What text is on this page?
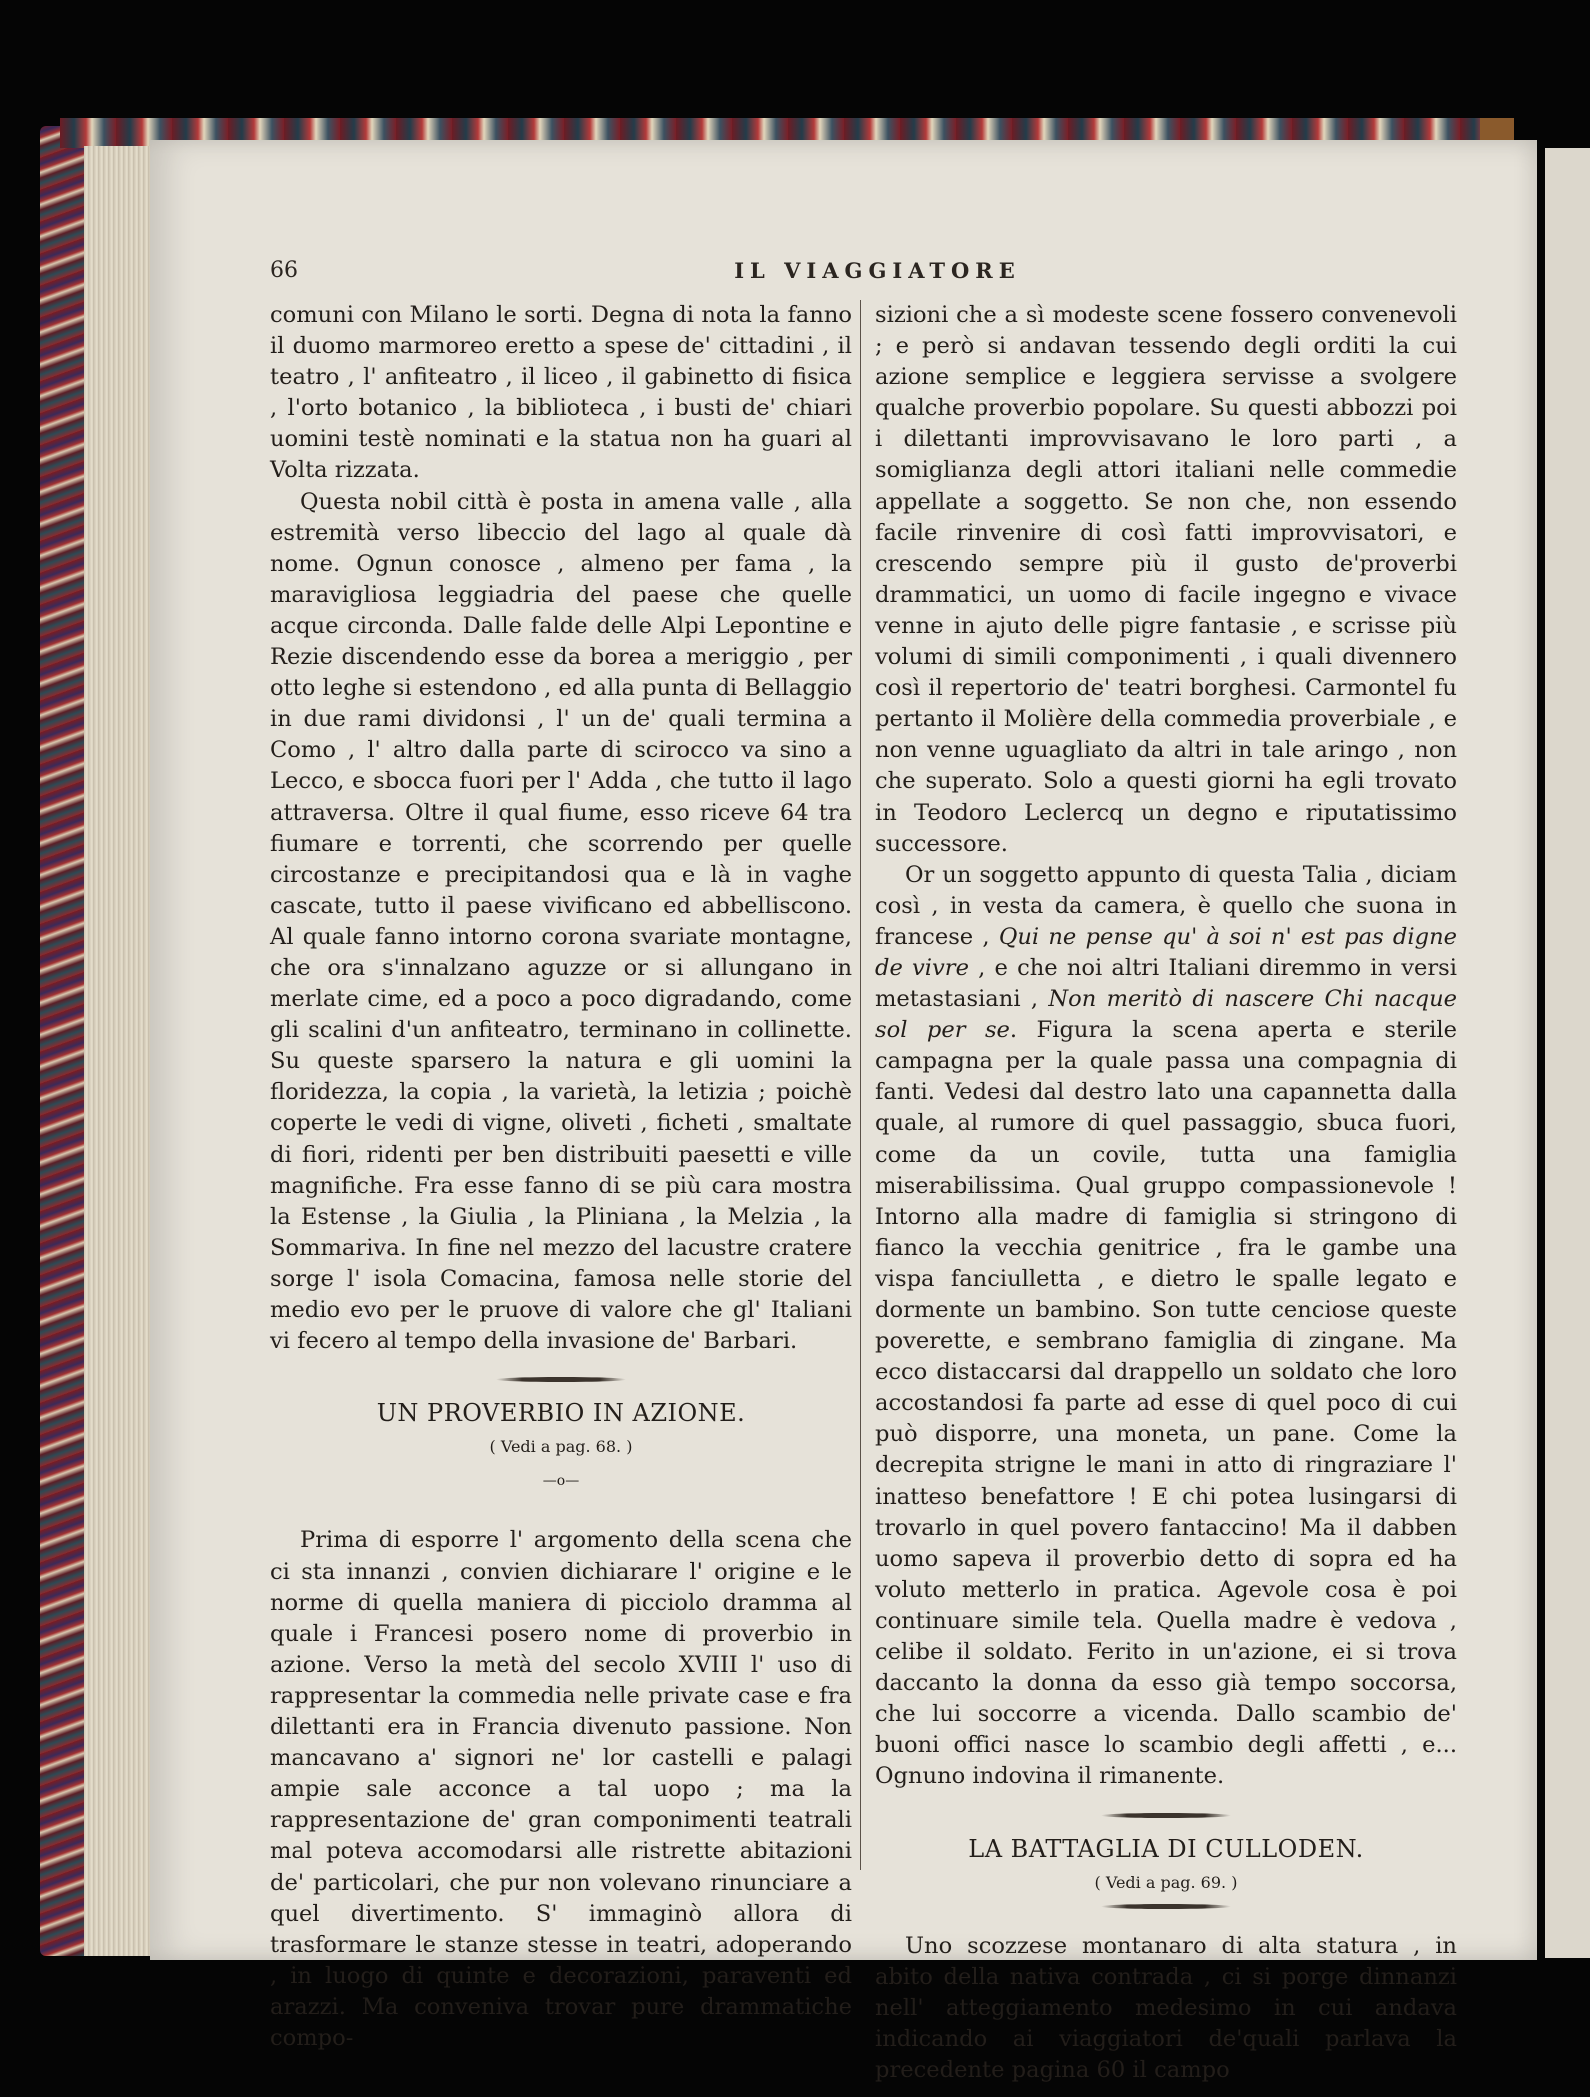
66	IL VIAGGIATORE

comuni con Milano le sorti. Degna di nota la fanno il duomo marmoreo eretto a spese de' cittadini , il teatro , l' anfiteatro , il liceo , il gabinetto di fisica , l'orto botanico , la biblioteca , i busti de' chiari uomini testè nominati e la statua non ha guari al Volta rizzata.

Questa nobil città è posta in amena valle , alla estremità verso libeccio del lago al quale dà nome. Ognun conosce , almeno per fama , la maravigliosa leggiadria del paese che quelle acque circonda. Dalle falde delle Alpi Lepontine e Rezie discendendo esse da borea a meriggio , per otto leghe si estendono , ed alla punta di Bellaggio in due rami dividonsi , l' un de' quali termina a Como , l' altro dalla parte di scirocco va sino a Lecco, e sbocca fuori per l' Adda , che tutto il lago attraversa. Oltre il qual fiume, esso riceve 64 tra fiumare e torrenti, che scorrendo per quelle circostanze e precipitandosi qua e là in vaghe cascate, tutto il paese vivificano ed abbelliscono. Al quale fanno intorno corona svariate montagne, che ora s'innalzano aguzze or si allungano in merlate cime, ed a poco a poco digradando, come gli scalini d'un anfiteatro, terminano in collinette. Su queste sparsero la natura e gli uomini la floridezza, la copia , la varietà, la letizia ; poichè coperte le vedi di vigne, oliveti , ficheti , smaltate di fiori, ridenti per ben distribuiti paesetti e ville magnifiche. Fra esse fanno di se più cara mostra la Estense , la Giulia , la Pliniana , la Melzia , la Sommariva. In fine nel mezzo del lacustre cratere sorge l' isola Comacina, famosa nelle storie del medio evo per le pruove di valore che gl' Italiani vi fecero al tempo della invasione de' Barbari.

UN PROVERBIO IN AZIONE.
( Vedi a pag. 68. )
—o—

Prima di esporre l' argomento della scena che ci sta innanzi , convien dichiarare l' origine e le norme di quella maniera di picciolo dramma al quale i Francesi posero nome di proverbio in azione. Verso la metà del secolo XVIII l' uso di rappresentar la commedia nelle private case e fra dilettanti era in Francia divenuto passione. Non mancavano a' signori ne' lor castelli e palagi ampie sale acconce a tal uopo ; ma la rappresentazione de' gran componimenti teatrali mal poteva accomodarsi alle ristrette abitazioni de' particolari, che pur non volevano rinunciare a quel divertimento. S' immaginò allora di trasformare le stanze stesse in teatri, adoperando , in luogo di quinte e decorazioni, paraventi ed arazzi. Ma conveniva trovar pure drammatiche compo-

sizioni che a sì modeste scene fossero convenevoli ; e però si andavan tessendo degli orditi la cui azione semplice e leggiera servisse a svolgere qualche proverbio popolare. Su questi abbozzi poi i dilettanti improvvisavano le loro parti , a somiglianza degli attori italiani nelle commedie appellate a soggetto. Se non che, non essendo facile rinvenire di così fatti improvvisatori, e crescendo sempre più il gusto de'proverbi drammatici, un uomo di facile ingegno e vivace venne in ajuto delle pigre fantasie , e scrisse più volumi di simili componimenti , i quali divennero così il repertorio de' teatri borghesi. Carmontel fu pertanto il Molière della commedia proverbiale , e non venne uguagliato da altri in tale aringo , non che superato. Solo a questi giorni ha egli trovato in Teodoro Leclercq un degno e riputatissimo successore.

Or un soggetto appunto di questa Talia , diciam così , in vesta da camera, è quello che suona in francese , Qui ne pense qu' à soi n' est pas digne de vivre , e che noi altri Italiani diremmo in versi metastasiani , Non meritò di nascere Chi nacque sol per se. Figura la scena aperta e sterile campagna per la quale passa una compagnia di fanti. Vedesi dal destro lato una capannetta dalla quale, al rumore di quel passaggio, sbuca fuori, come da un covile, tutta una famiglia miserabilissima. Qual gruppo compassionevole ! Intorno alla madre di famiglia si stringono di fianco la vecchia genitrice , fra le gambe una vispa fanciulletta , e dietro le spalle legato e dormente un bambino. Son tutte cenciose queste poverette, e sembrano famiglia di zingane. Ma ecco distaccarsi dal drappello un soldato che loro accostandosi fa parte ad esse di quel poco di cui può disporre, una moneta, un pane. Come la decrepita strigne le mani in atto di ringraziare l' inatteso benefattore ! E chi potea lusingarsi di trovarlo in quel povero fantaccino! Ma il dabben uomo sapeva il proverbio detto di sopra ed ha voluto metterlo in pratica. Agevole cosa è poi continuare simile tela. Quella madre è vedova , celibe il soldato. Ferito in un'azione, ei si trova daccanto la donna da esso già tempo soccorsa, che lui soccorre a vicenda. Dallo scambio de' buoni offici nasce lo scambio degli affetti , e... Ognuno indovina il rimanente.

LA BATTAGLIA DI CULLODEN.
( Vedi a pag. 69. )

Uno scozzese montanaro di alta statura , in abito della nativa contrada , ci si porge dinnanzi nell' atteggiamento medesimo in cui andava indicando ai viaggiatori de'quali parlava la precedente pagina 60 il campo
